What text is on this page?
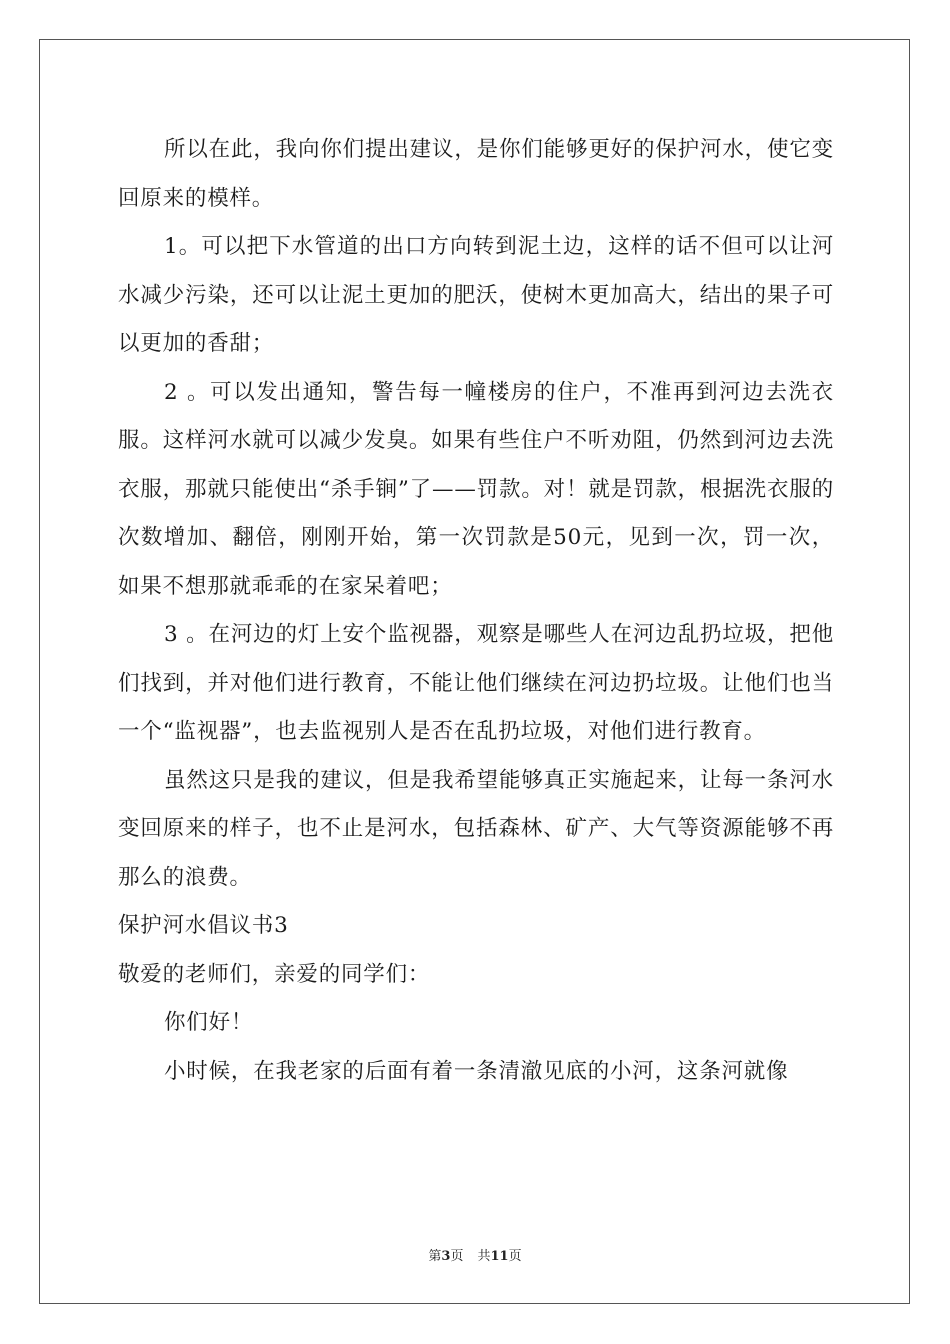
所以在此，我向你们提出建议，是你们能够更好的保护河水，使它变回原来的模样。

1。可以把下水管道的出口方向转到泥土边，这样的话不但可以让河水减少污染，还可以让泥土更加的肥沃，使树木更加高大，结出的果子可以更加的香甜；

2 。可以发出通知，警告每一幢楼房的住户，不准再到河边去洗衣服。这样河水就可以减少发臭。如果有些住户不听劝阻，仍然到河边去洗衣服，那就只能使出“杀手锏”了——罚款。对！就是罚款，根据洗衣服的次数增加、翻倍，刚刚开始，第一次罚款是50元，见到一次，罚一次，如果不想那就乖乖的在家呆着吧；

3 。在河边的灯上安个监视器，观察是哪些人在河边乱扔垃圾，把他们找到，并对他们进行教育，不能让他们继续在河边扔垃圾。让他们也当一个“监视器”，也去监视别人是否在乱扔垃圾，对他们进行教育。

虽然这只是我的建议，但是我希望能够真正实施起来，让每一条河水变回原来的样子，也不止是河水，包括森林、矿产、大气等资源能够不再那么的浪费。

保护河水倡议书3

敬爱的老师们，亲爱的同学们：

你们好！

小时候，在我老家的后面有着一条清澈见底的小河，这条河就像

第3页 共11页
